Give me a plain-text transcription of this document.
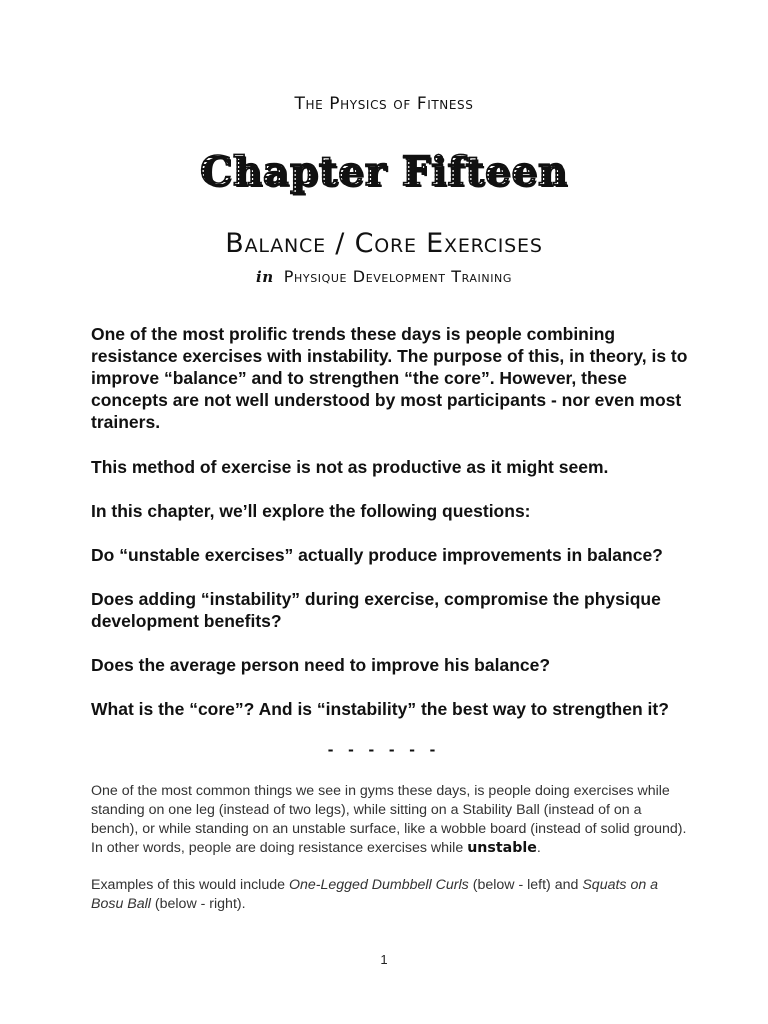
The Physics of Fitness
Chapter Fifteen
Balance / Core Exercises
in Physique Development Training

One of the most prolific trends these days is people combining resistance exercises with instability. The purpose of this, in theory, is to improve “balance” and to strengthen “the core”. However, these concepts are not well understood by most participants - nor even most trainers.

This method of exercise is not as productive as it might seem.

In this chapter, we’ll explore the following questions:

Do “unstable exercises” actually produce improvements in balance?

Does adding “instability” during exercise, compromise the physique development benefits?

Does the average person need to improve his balance?

What is the “core”? And is “instability” the best way to strengthen it?

- - - - - -

One of the most common things we see in gyms these days, is people doing exercises while standing on one leg (instead of two legs), while sitting on a Stability Ball (instead of on a bench), or while standing on an unstable surface, like a wobble board (instead of solid ground). In other words, people are doing resistance exercises while unstable.

Examples of this would include One-Legged Dumbbell Curls (below - left) and Squats on a Bosu Ball (below - right).

1
